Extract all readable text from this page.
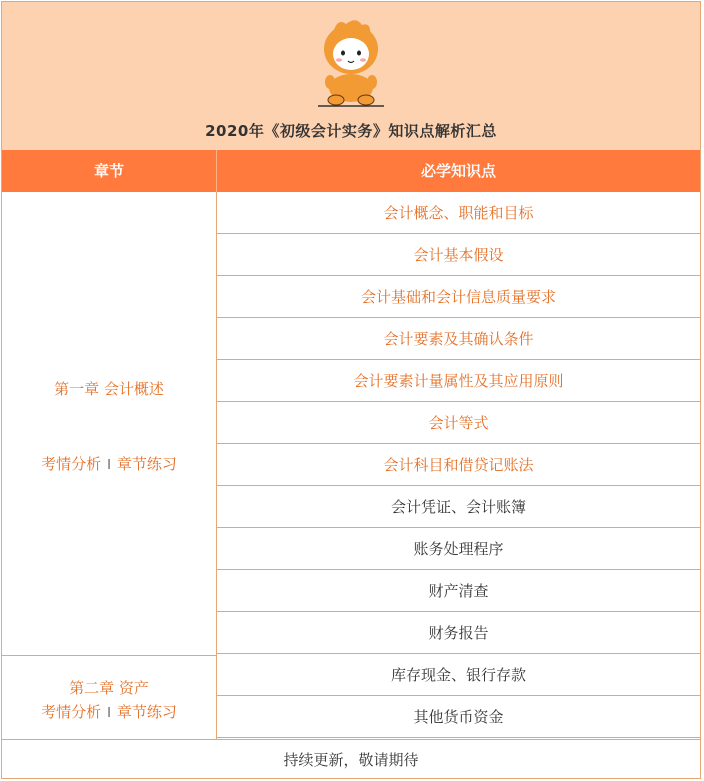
2020年《初级会计实务》知识点解析汇总
章节	必学知识点
第一章 会计概述
考情分析 I 章节练习
第二章 资产
考情分析 I 章节练习
会计概念、职能和目标
会计基本假设
会计基础和会计信息质量要求
会计要素及其确认条件
会计要素计量属性及其应用原则
会计等式
会计科目和借贷记账法
会计凭证、会计账簿
账务处理程序
财产清查
财务报告
库存现金、银行存款
其他货币资金
持续更新，敬请期待
